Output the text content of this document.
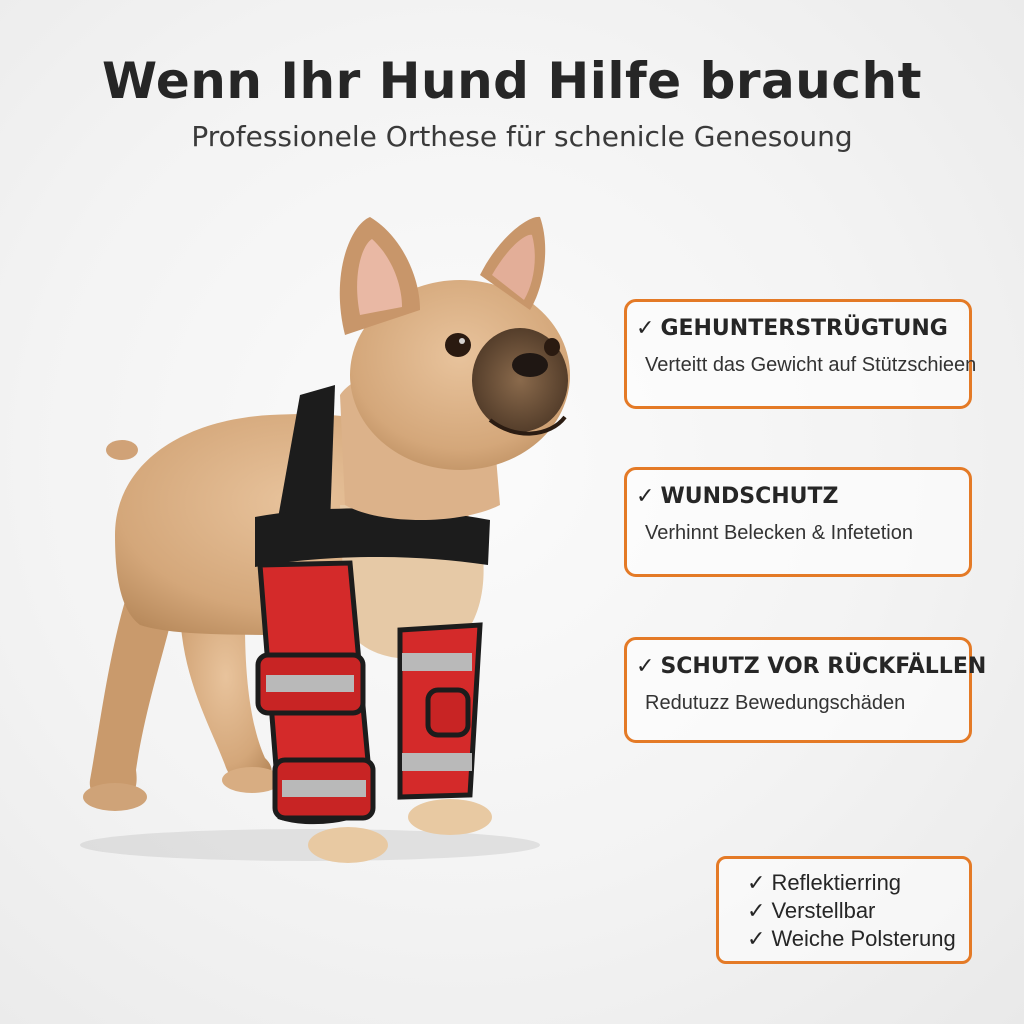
Wenn Ihr Hund Hilfe braucht

Professionele Orthese für schenicle Genesoung

✓ GEHUNTERSTRÜGTUNG
Verteitt das Gewicht auf Stützschieen
✓ WUNDSCHUTZ
Verhinnt Belecken & Infetetion
✓ SCHUTZ VOR RÜCKFÄLLEN
Redutuzz Bewedungschäden
✓ Reflektierring
✓ Verstellbar
✓ Weiche Polsterung
